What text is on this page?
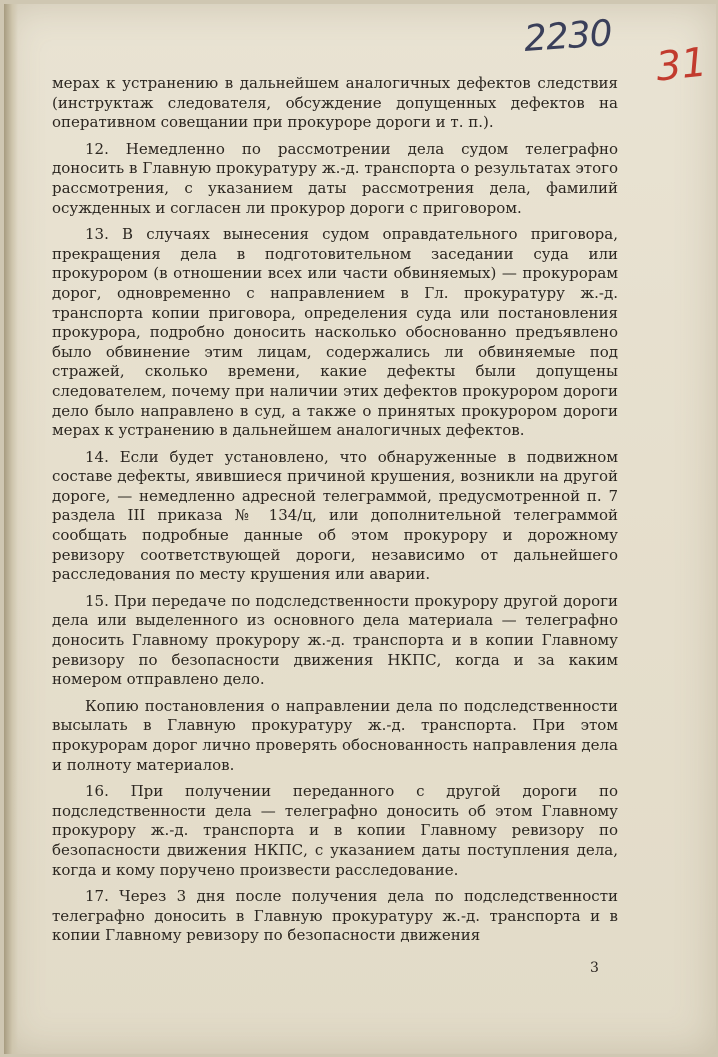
2230
31

мерах к устранению в дальнейшем аналогичных дефектов следствия (инструктаж следователя, обсуждение допущенных дефектов на оперативном совещании при прокуроре дороги и т. п.).

12. Немедленно по рассмотрении дела судом телеграфно доносить в Главную прокуратуру ж.-д. транспорта о результатах этого рассмотрения, с указанием даты рассмотрения дела, фамилий осужденных и согласен ли прокурор дороги с приговором.

13. В случаях вынесения судом оправдательного приговора, прекращения дела в подготовительном заседании суда или прокурором (в отношении всех или части обвиняемых) — прокурорам дорог, одновременно с направлением в Гл. прокуратуру ж.-д. транспорта копии приговора, определения суда или постановления прокурора, подробно доносить насколько обоснованно предъявлено было обвинение этим лицам, содержались ли обвиняемые под стражей, сколько времени, какие дефекты были допущены следователем, почему при наличии этих дефектов прокурором дороги дело было направлено в суд, а также о принятых прокурором дороги мерах к устранению в дальнейшем аналогичных дефектов.

14. Если будет установлено, что обнаруженные в подвижном составе дефекты, явившиеся причиной крушения, возникли на другой дороге, — немедленно адресной телеграммой, предусмотренной п. 7 раздела III приказа № 134/ц, или дополнительной телеграммой сообщать подробные данные об этом прокурору и дорожному ревизору соответствующей дороги, независимо от дальнейшего расследования по месту крушения или аварии.

15. При передаче по подследственности прокурору другой дороги дела или выделенного из основного дела материала — телеграфно доносить Главному прокурору ж.-д. транспорта и в копии Главному ревизору по безопасности движения НКПС, когда и за каким номером отправлено дело.

Копию постановления о направлении дела по подследственности высылать в Главную прокуратуру ж.-д. транспорта. При этом прокурорам дорог лично проверять обоснованность направления дела и полноту материалов.

16. При получении переданного с другой дороги по подследственности дела — телеграфно доносить об этом Главному прокурору ж.-д. транспорта и в копии Главному ревизору по безопасности движения НКПС, с указанием даты поступления дела, когда и кому поручено произвести расследование.

17. Через 3 дня после получения дела по подследственности телеграфно доносить в Главную прокуратуру ж.-д. транспорта и в копии Главному ревизору по безопасности движения

3
